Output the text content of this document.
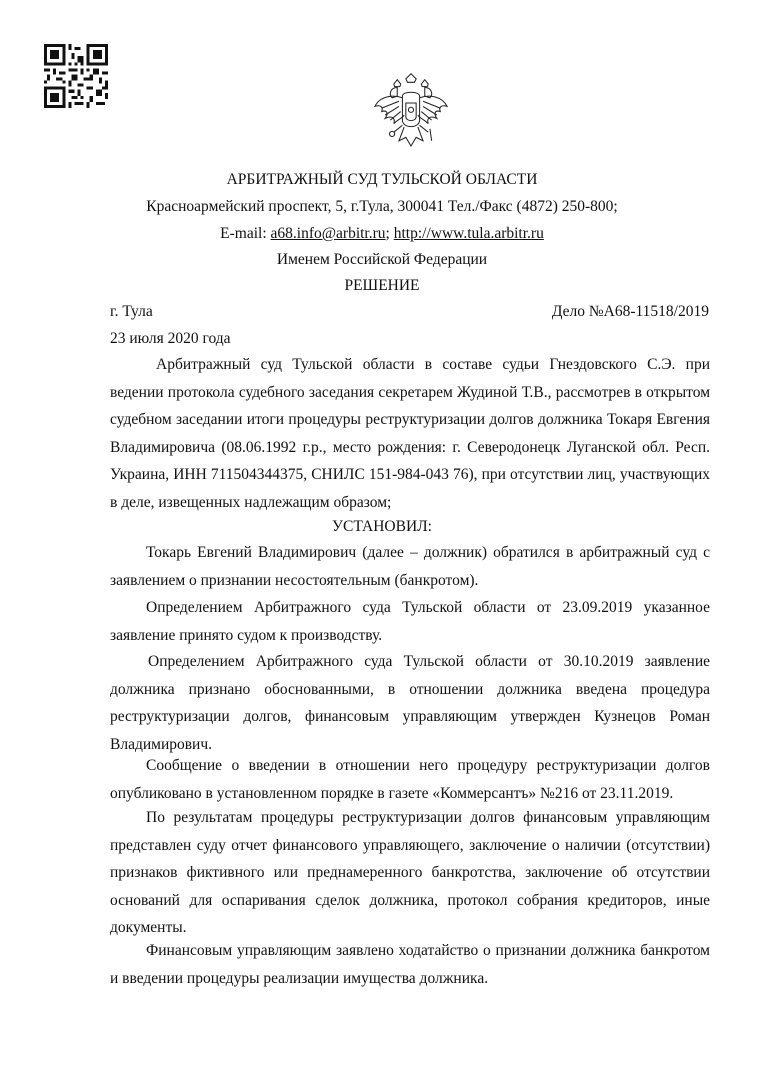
АРБИТРАЖНЫЙ СУД ТУЛЬСКОЙ ОБЛАСТИ
Красноармейский проспект, 5, г.Тула, 300041 Тел./Факс (4872) 250-800;
E-mail: a68.info@arbitr.ru; http://www.tula.arbitr.ru
Именем Российской Федерации
РЕШЕНИЕ
г. Тула	Дело №А68-11518/2019
23 июля 2020 года
Арбитражный суд Тульской области в составе судьи Гнездовского С.Э. при
ведении протокола судебного заседания секретарем Жудиной Т.В., рассмотрев в открытом
судебном заседании итоги процедуры реструктуризации долгов должника Токаря Евгения
Владимировича (08.06.1992 г.р., место рождения: г. Северодонецк Луганской обл. Респ.
Украина, ИНН 711504344375, СНИЛС 151-984-043 76), при отсутствии лиц, участвующих
в деле, извещенных надлежащим образом;
УСТАНОВИЛ:
Токарь Евгений Владимирович (далее – должник) обратился в арбитражный суд с
заявлением о признании несостоятельным (банкротом).
Определением Арбитражного суда Тульской области от 23.09.2019 указанное
заявление принято судом к производству.
Определением Арбитражного суда Тульской области от 30.10.2019 заявление
должника признано обоснованными, в отношении должника введена процедура
реструктуризации долгов, финансовым управляющим утвержден Кузнецов Роман
Владимирович.
Сообщение о введении в отношении него процедуру реструктуризации долгов
опубликовано в установленном порядке в газете «Коммерсантъ» №216 от 23.11.2019.
По результатам процедуры реструктуризации долгов финансовым управляющим
представлен суду отчет финансового управляющего, заключение о наличии (отсутствии)
признаков фиктивного или преднамеренного банкротства, заключение об отсутствии
оснований для оспаривания сделок должника, протокол собрания кредиторов, иные
документы.
Финансовым управляющим заявлено ходатайство о признании должника банкротом
и введении процедуры реализации имущества должника.
